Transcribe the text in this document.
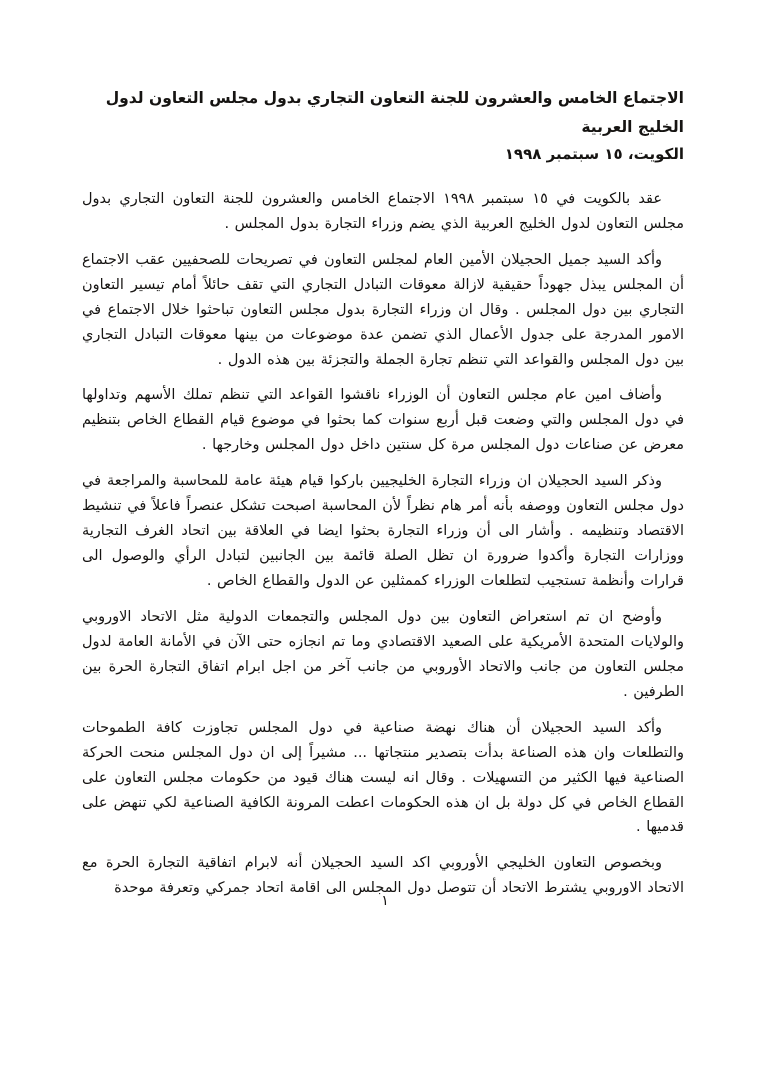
الاجتماع الخامس والعشرون للجنة التعاون التجاري بدول مجلس التعاون لدول الخليج العربية
الكويت، ١٥ سبتمبر ١٩٩٨

عقد بالكويت في ١٥ سبتمبر ١٩٩٨ الاجتماع الخامس والعشرون للجنة التعاون التجاري بدول مجلس التعاون لدول الخليج العربية الذي يضم وزراء التجارة بدول المجلس .

وأكد السيد جميل الحجيلان الأمين العام لمجلس التعاون في تصريحات للصحفيين عقب الاجتماع أن المجلس يبذل جهوداً حقيقية لازالة معوقات التبادل التجاري التي تقف حائلاً أمام تيسير التعاون التجاري بين دول المجلس . وقال ان وزراء التجارة بدول مجلس التعاون تباحثوا خلال الاجتماع في الامور المدرجة على جدول الأعمال الذي تضمن عدة موضوعات من بينها معوقات التبادل التجاري بين دول المجلس والقواعد التي تنظم تجارة الجملة والتجزئة بين هذه الدول .

وأضاف امين عام مجلس التعاون أن الوزراء ناقشوا القواعد التي تنظم تملك الأسهم وتداولها في دول المجلس والتي وضعت قبل أربع سنوات كما بحثوا في موضوع قيام القطاع الخاص بتنظيم معرض عن صناعات دول المجلس مرة كل سنتين داخل دول المجلس وخارجها .

وذكر السيد الحجيلان ان وزراء التجارة الخليجيين باركوا قيام هيئة عامة للمحاسبة والمراجعة في دول مجلس التعاون ووصفه بأنه أمر هام نظراً لأن المحاسبة اصبحت تشكل عنصراً فاعلاً في تنشيط الاقتصاد وتنظيمه . وأشار الى أن وزراء التجارة بحثوا ايضا في العلاقة بين اتحاد الغرف التجارية ووزارات التجارة وأكدوا ضرورة ان تظل الصلة قائمة بين الجانبين لتبادل الرأي والوصول الى قرارات وأنظمة تستجيب لتطلعات الوزراء كممثلين عن الدول والقطاع الخاص .

وأوضح ان تم استعراض التعاون بين دول المجلس والتجمعات الدولية مثل الاتحاد الاوروبي والولايات المتحدة الأمريكية على الصعيد الاقتصادي وما تم انجازه حتى الآن في الأمانة العامة لدول مجلس التعاون من جانب والاتحاد الأوروبي من جانب آخر من اجل ابرام اتفاق التجارة الحرة بين الطرفين .

وأكد السيد الحجيلان أن هناك نهضة صناعية في دول المجلس تجاوزت كافة الطموحات والتطلعات وان هذه الصناعة بدأت بتصدير منتجاتها ... مشيراً إلى ان دول المجلس منحت الحركة الصناعية فيها الكثير من التسهيلات . وقال انه ليست هناك قيود من حكومات مجلس التعاون على القطاع الخاص في كل دولة بل ان هذه الحكومات اعطت المرونة الكافية الصناعية لكي تنهض على قدميها .

وبخصوص التعاون الخليجي الأوروبي اكد السيد الحجيلان أنه لابرام اتفاقية التجارة الحرة مع الاتحاد الاوروبي يشترط الاتحاد أن تتوصل دول المجلس الى اقامة اتحاد جمركي وتعرفة موحدة

١
